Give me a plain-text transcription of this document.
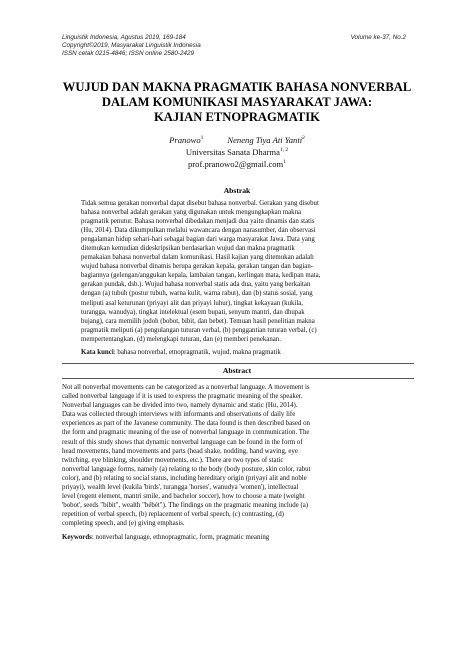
Linguistik Indonesia, Agustus 2019, 169-184
Copyright©2019, Masyarakat Linguistik Indonesia
ISSN cetak 0215-4846; ISSN online 2580-2429
Volume ke-37, No.2
WUJUD DAN MAKNA PRAGMATIK BAHASA NONVERBAL
DALAM KOMUNIKASI MASYARAKAT JAWA:
KAJIAN ETNOPRAGMATIK
Pranowo$^1$	Neneng Tiya Ati Yanti$^2$
Universitas Sanata Dharma$^{1, 2}$
prof.pranowo2@gmail.com$^1$
Abstrak
Tidak semua gerakan nonverbal dapat disebut bahasa nonverbal. Gerakan yang disebut
bahasa nonverbal adalah gerakan yang digunakan untuk mengungkapkan makna
pragmatik penutur. Bahasa nonverbal dibedakan menjadi dua yaitu dinamis dan statis
(Hu, 2014). Data dikumpulkan melalui wawancara dengan narasumber, dan observasi
pengalaman hidup sehari-hari sebagai bagian dari warga masyarakat Jawa. Data yang
ditemukan kemudian dideskripsikan berdasarkan wujud dan makna pragmatik
pemakaian bahasa nonverbal dalam komunikasi. Hasil kajian yang ditemukan adalah
wujud bahasa nonverbal dinamis berupa gerakan kepala, gerakan tangan dan bagian-
bagiannya (gelengan/anggukan kepala, lambaian tangan, kerlingan mata, kedipan mata,
gerakan pundak, dsb.). Wujud bahasa nonverbal statis ada dua, yaitu yang berkaitan
dengan (a) tubuh (postur tubuh, warna kulit, warna rabut), dan (b) status sosial, yang
meliputi asal keturunan (priyayi alit dan priyayi luhur), tingkat kekayaan (kukila,
turangga, wanudya), tingkat intelektual (esem bupati, senyum mantri, dan dhupak
bujang), cara memilih jodoh (bobot, bibit, dan bebet). Temuan hasil penelitian makna
pragmatik meliputi (a) pengulangan tuturan verbal, (b) penggantian tuturan verbal, (c)
mempertentangkan, (d) melengkapi tuturan, dan (e) memberi penekanan.
Kata kunci: bahasa nonverbal, etnopragmatik, wujud, makna pragmatik
Abstract
Not all nonverbal movements can be categorized as a nonverbal language. A movement is
called nonverbal language if it is used to express the pragmatic meaning of the speaker.
Nonverbal languages can be divided into two, namely dynamic and static (Hu, 2014).
Data was collected through interviews with informants and observations of daily life
experiences as part of the Javanese community. The data found is then described based on
the form and pragmatic meaning of the use of nonverbal language in communication. The
result of this study shows that dynamic nonverbal language can be found in the form of
head movements, hand movements and parts (head shake, nodding, hand waving, eye
twitching, eye blinking, shoulder movements, etc.). There are two types of static
nonverbal language forms, namely (a) relating to the body (body posture, skin color, rabut
color), and (b) relating to social status, including hereditary origin (priyayi alit and noble
priyayi), wealth level (kukila 'birds', turangga 'horses', wanudya 'women'), intellectual
level (regent element, mantri smile, and bachelor soccer), how to choose a mate (weight
'bobot', seeds "bibit", wealth "bébét"). The findings on the pragmatic meaning include (a)
repetition of verbal speech, (b) replacement of verbal speech, (c) contrasting, (d)
completing speech, and (e) giving emphasis.
Keywords: nonverbal language, ethnopragmatic, form, pragmatic meaning
